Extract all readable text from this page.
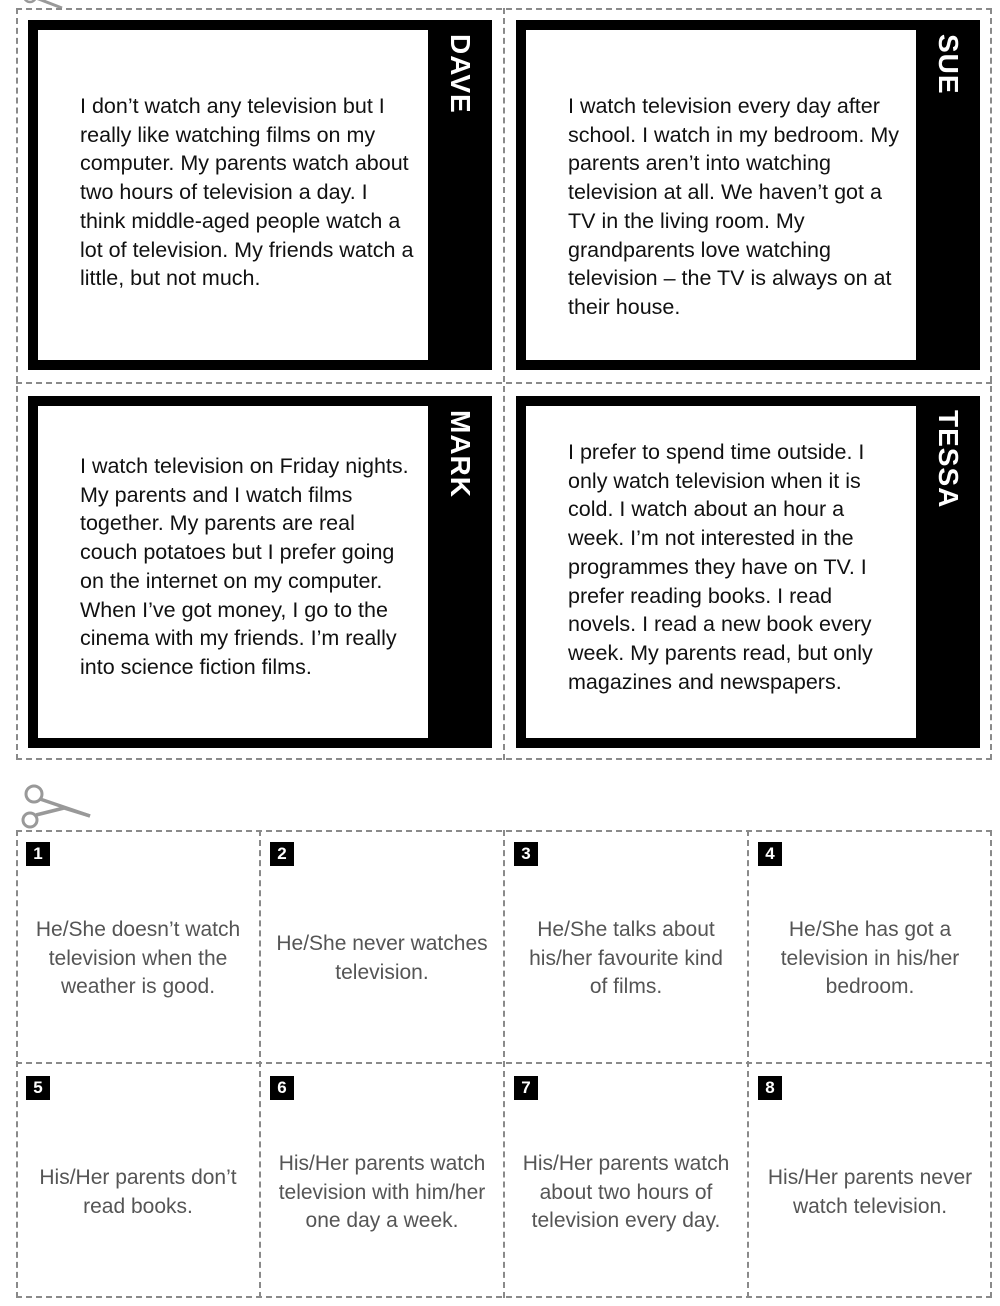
I don’t watch any television but I really like watching films on my computer. My parents watch about two hours of television a day. I think middle-aged people watch a lot of television. My friends watch a little, but not much.

DAVE	I watch television every day after school. I watch in my bedroom. My parents aren’t into watching television at all. We haven’t got a TV in the living room. My grandparents love watching television – the TV is always on at their house.

SUE

I watch television on Friday nights. My parents and I watch films together. My parents are real couch potatoes but I prefer going on the internet on my computer. When I’ve got money, I go to the cinema with my friends. I’m really into science fiction films.

MARK	I prefer to spend time outside. I only watch television when it is cold. I watch about an hour a week. I’m not interested in the programmes they have on TV. I prefer reading books. I read novels. I read a new book every week. My parents read, but only magazines and newspapers.

TESSA
1

He/She doesn’t watch television when the weather is good.

2

He/She never watches television.

3

He/She talks about his/her favourite kind of films.

4

He/She has got a television in his/her bedroom.

5

His/Her parents don’t read books.

6

His/Her parents watch television with him/her one day a week.

7

His/Her parents watch about two hours of television every day.

8

His/Her parents never watch television.
